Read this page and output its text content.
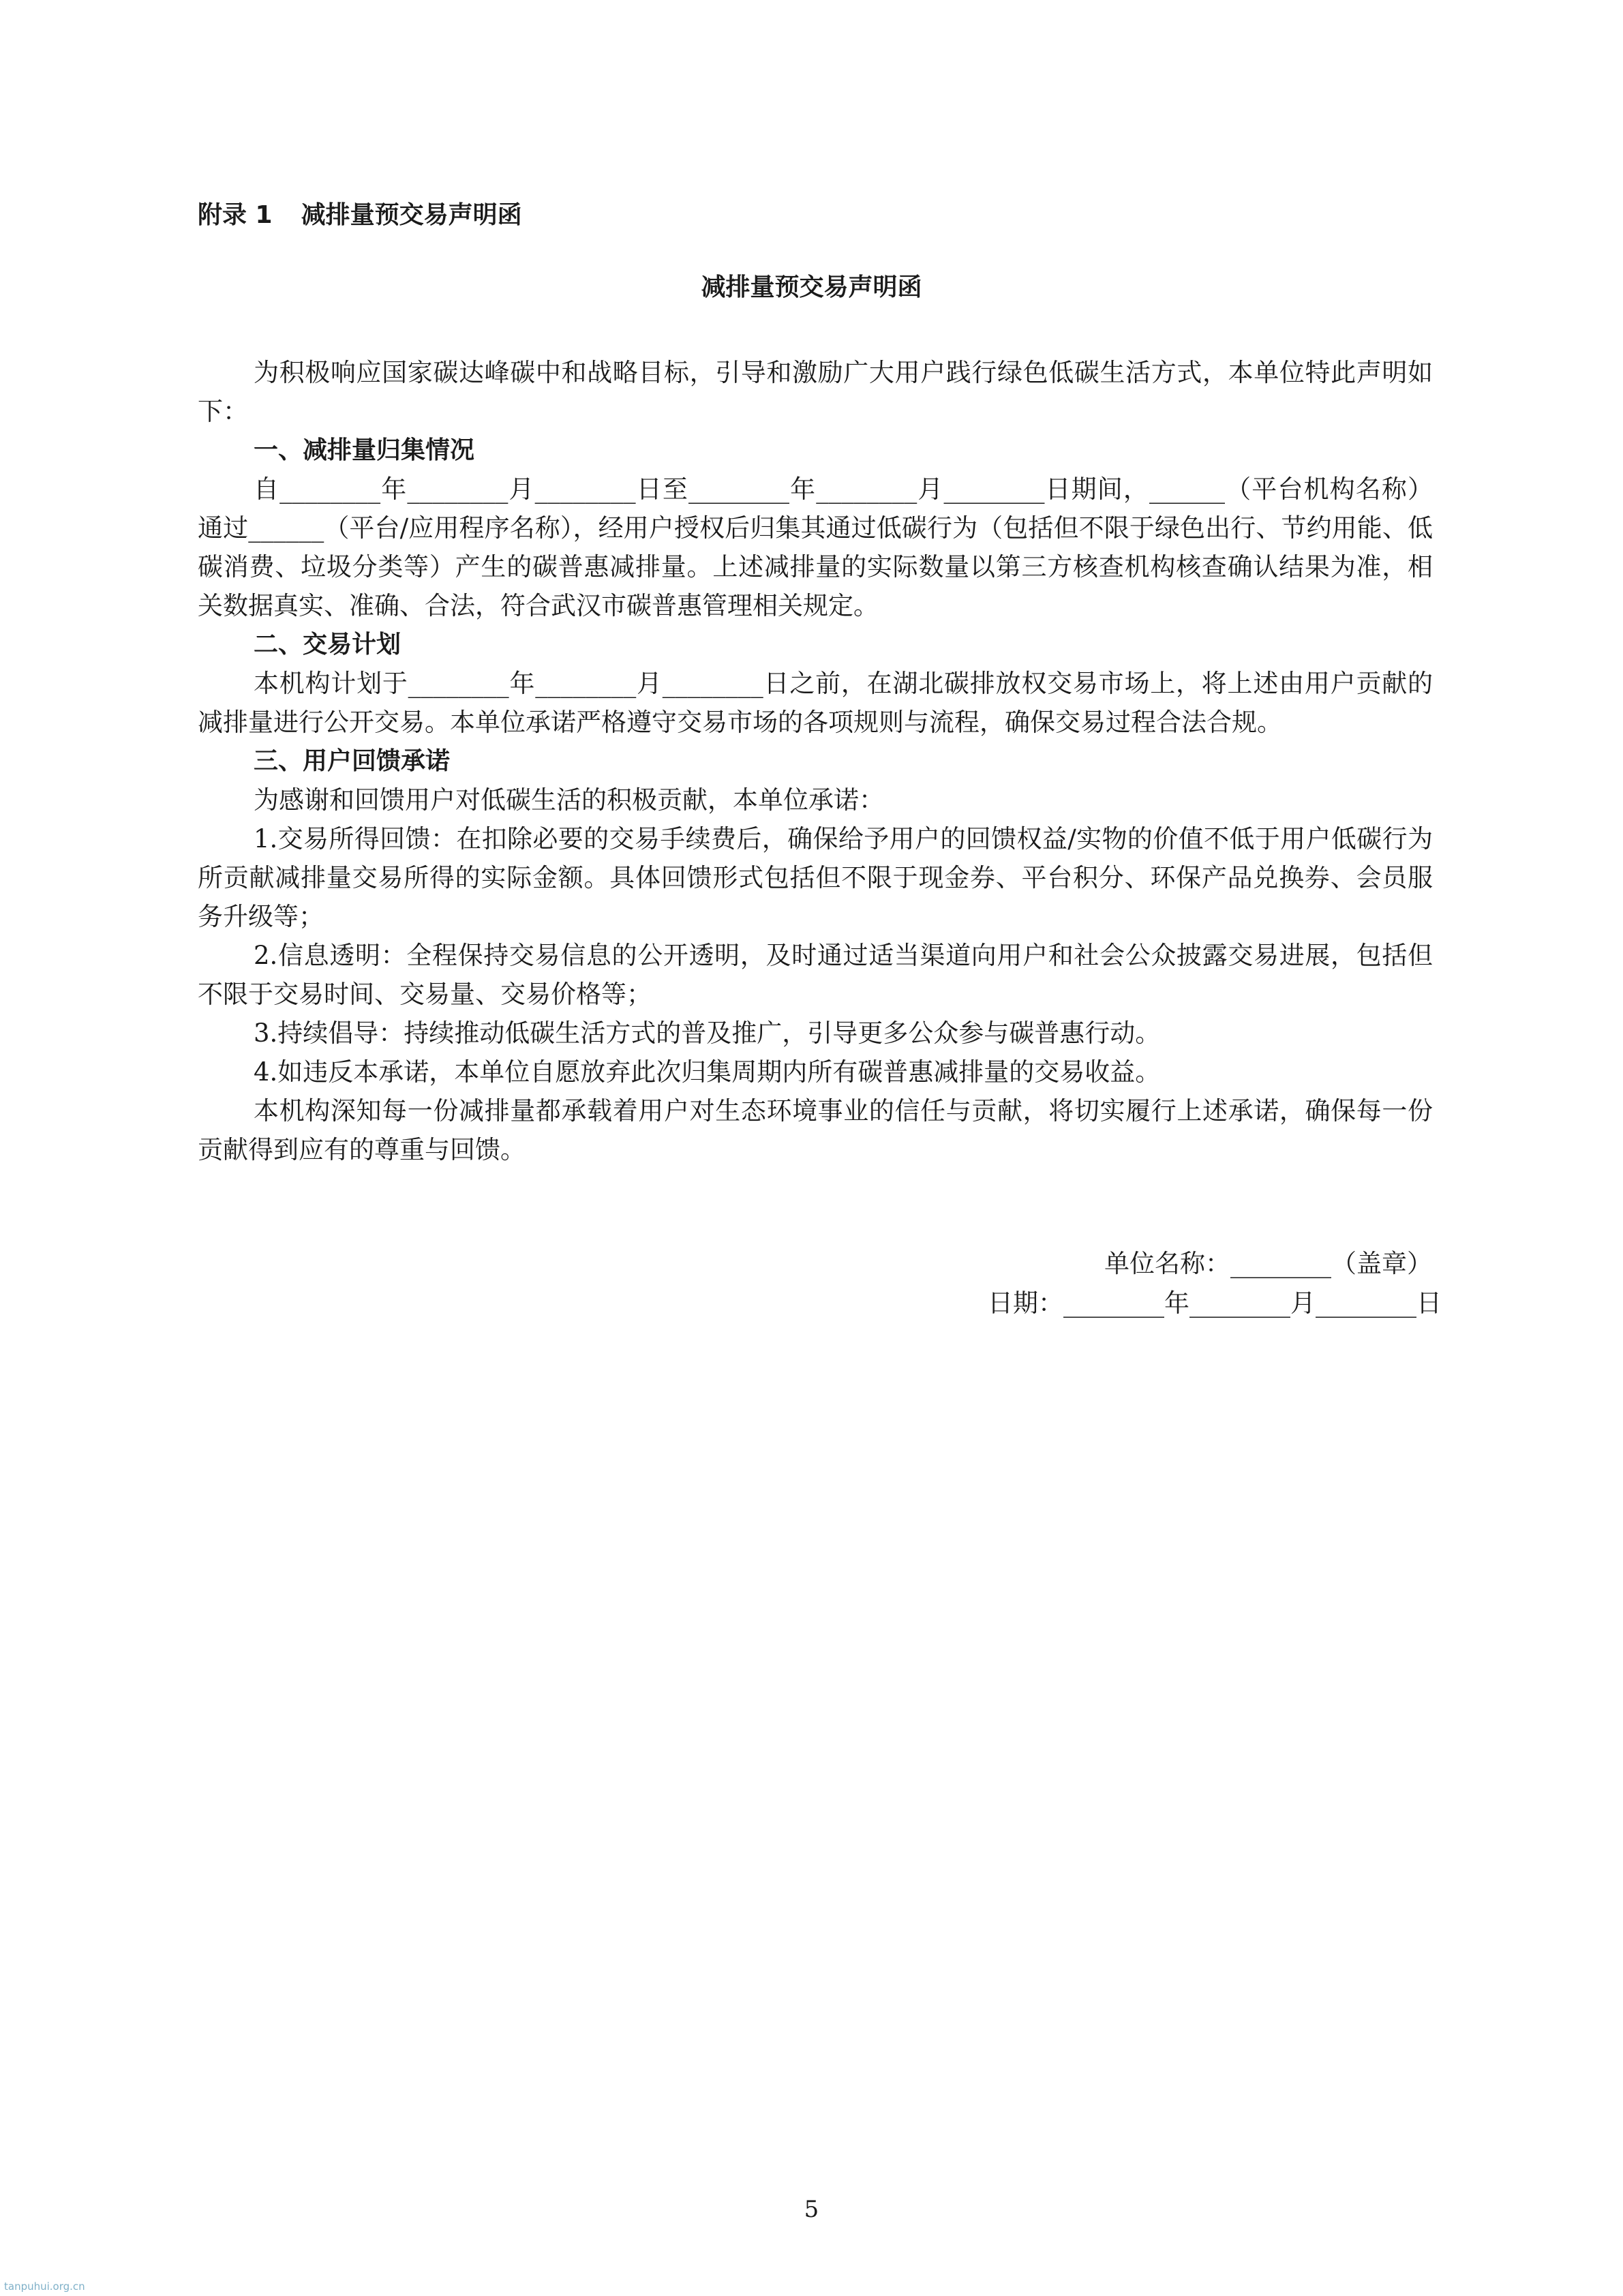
附录 1 减排量预交易声明函
减排量预交易声明函

为积极响应国家碳达峰碳中和战略目标，引导和激励广大用户践行绿色低碳生活方式，本单位特此声明如下：

一、减排量归集情况

自________年________月________日至________年________月________日期间，______（平台机构名称）通过______（平台/应用程序名称），经用户授权后归集其通过低碳行为（包括但不限于绿色出行、节约用能、低碳消费、垃圾分类等）产生的碳普惠减排量。上述减排量的实际数量以第三方核查机构核查确认结果为准，相关数据真实、准确、合法，符合武汉市碳普惠管理相关规定。

二、交易计划

本机构计划于________年________月________日之前，在湖北碳排放权交易市场上，将上述由用户贡献的减排量进行公开交易。本单位承诺严格遵守交易市场的各项规则与流程，确保交易过程合法合规。

三、用户回馈承诺

为感谢和回馈用户对低碳生活的积极贡献，本单位承诺：

1.交易所得回馈：在扣除必要的交易手续费后，确保给予用户的回馈权益/实物的价值不低于用户低碳行为所贡献减排量交易所得的实际金额。具体回馈形式包括但不限于现金券、平台积分、环保产品兑换券、会员服务升级等；

2.信息透明：全程保持交易信息的公开透明，及时通过适当渠道向用户和社会公众披露交易进展，包括但不限于交易时间、交易量、交易价格等；

3.持续倡导：持续推动低碳生活方式的普及推广，引导更多公众参与碳普惠行动。

4.如违反本承诺，本单位自愿放弃此次归集周期内所有碳普惠减排量的交易收益。

本机构深知每一份减排量都承载着用户对生态环境事业的信任与贡献，将切实履行上述承诺，确保每一份贡献得到应有的尊重与回馈。

单位名称：________（盖章）
日期：________年________月________日
5
tanpuhui.org.cn
